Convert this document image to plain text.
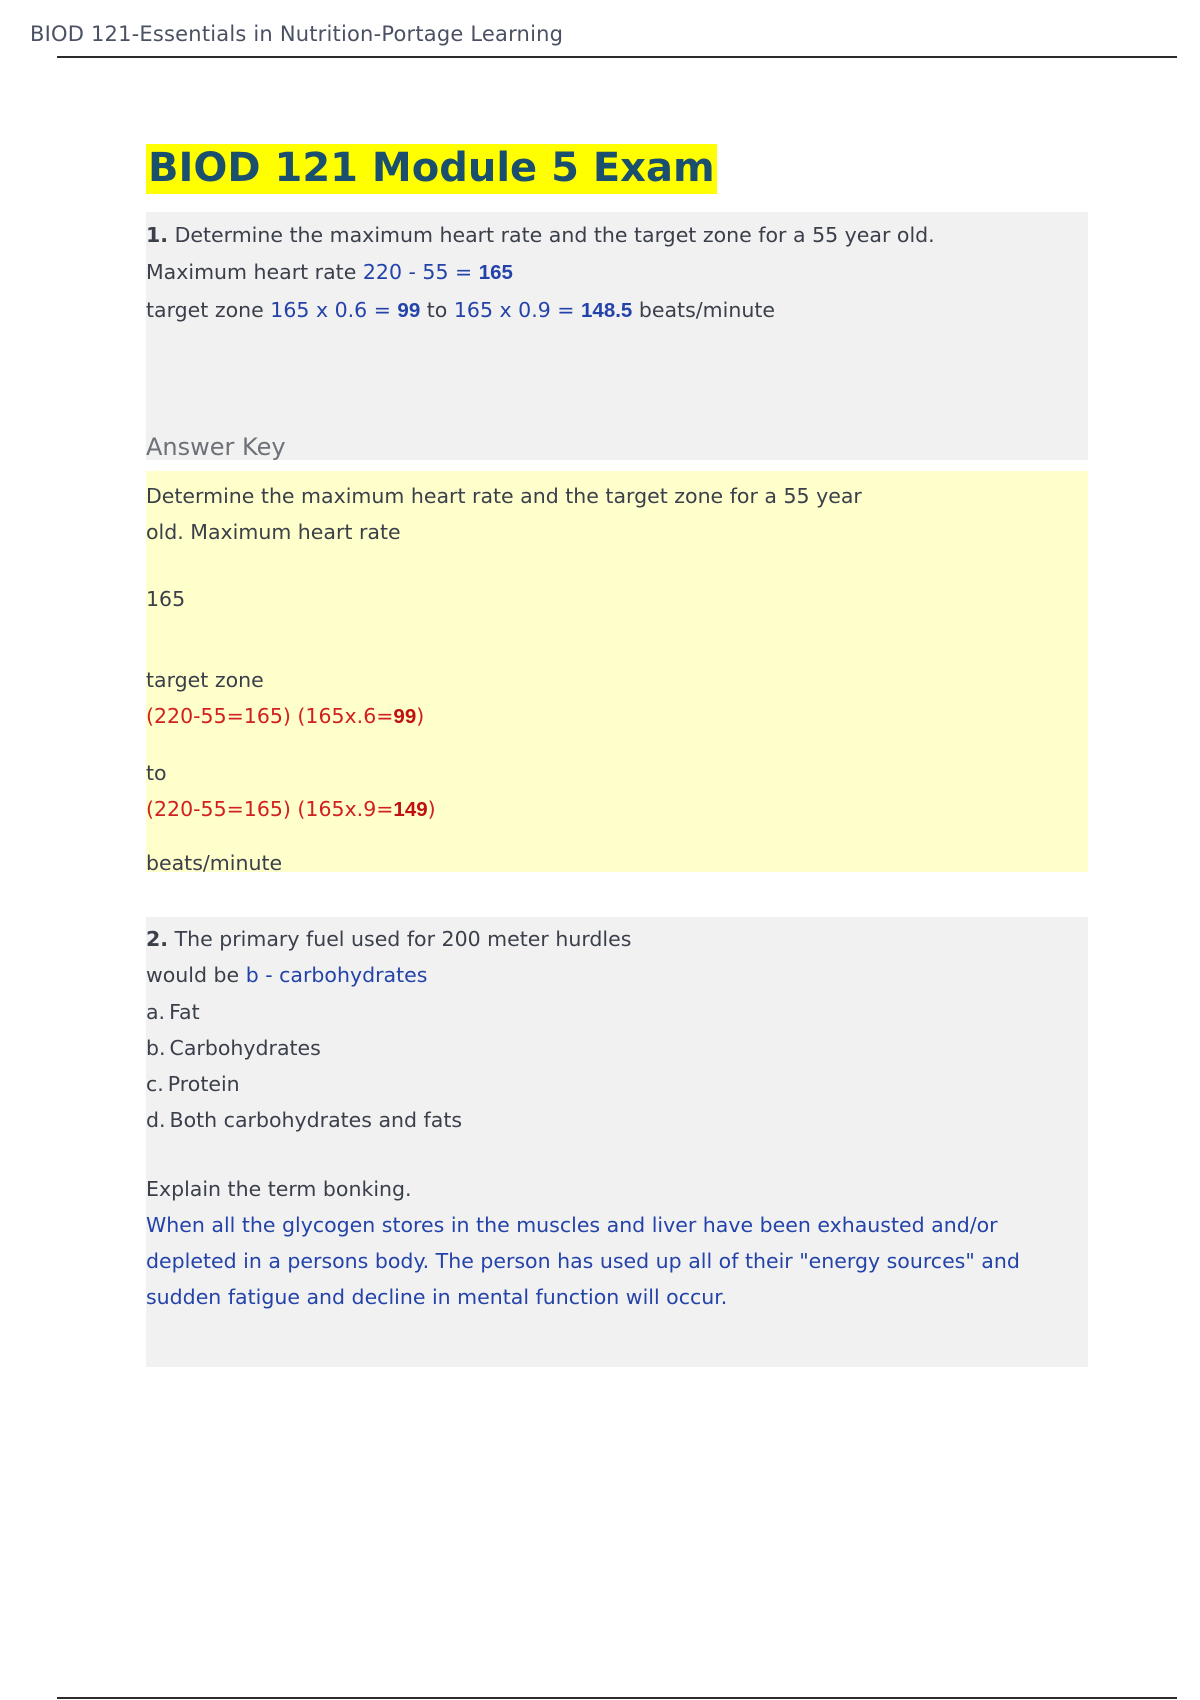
BIOD 121-Essentials in Nutrition-Portage Learning
BIOD 121 Module 5 Exam
1. Determine the maximum heart rate and the target zone for a 55 year old.
Maximum heart rate 220 - 55 = 165
target zone 165 x 0.6 = 99 to 165 x 0.9 = 148.5 beats/minute
Answer Key
Determine the maximum heart rate and the target zone for a 55 year
old. Maximum heart rate
165
target zone
(220-55=165) (165x.6=99)
to
(220-55=165) (165x.9=149)
beats/minute
2. The primary fuel used for 200 meter hurdles
would be b - carbohydrates
a. Fat
b. Carbohydrates
c. Protein
d. Both carbohydrates and fats
Explain the term bonking.
When all the glycogen stores in the muscles and liver have been exhausted and/or
depleted in a persons body. The person has used up all of their "energy sources" and
sudden fatigue and decline in mental function will occur.
